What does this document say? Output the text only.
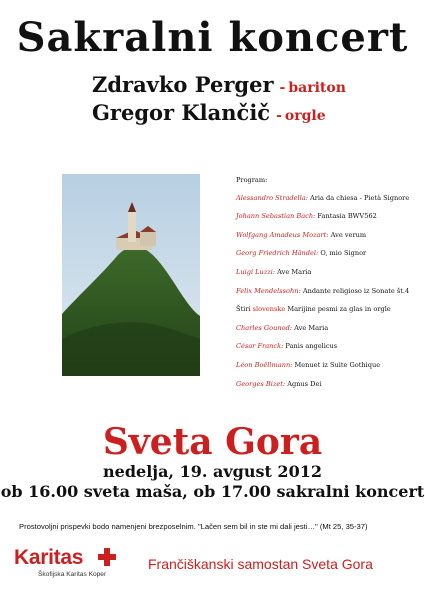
Sakralni koncert
Zdravko Perger - bariton
Gregor Klančič - orgle
Program:
Alessandro Stradella: Aria da chiesa - Pietà Signore
Johann Sebastian Bach: Fantasia BWV562
Wolfgang Amadeus Mozart: Ave verum
Georg Friedrich Händel: O, mio Signor
Luigi Luzzi: Ave Maria
Felix Mendelssohn: Andante religioso iz Sonate št.4
Štiri slovenske Marijine pesmi za glas in orgle
Charles Gounod: Ave Maria
César Franck: Panis angelicus
Léon Boëllmann: Menuet iz Suite Gothique
Georges Bizet: Agnus Dei
Sveta Gora
nedelja, 19. avgust 2012
ob 16.00 sveta maša, ob 17.00 sakralni koncert
Prostovoljni prispevki bodo namenjeni brezposelnim. "Lačen sem bil in ste mi dali jesti…" (Mt 25, 35-37)
Karitas
Škofijska Karitas Koper
Frančiškanski samostan Sveta Gora
